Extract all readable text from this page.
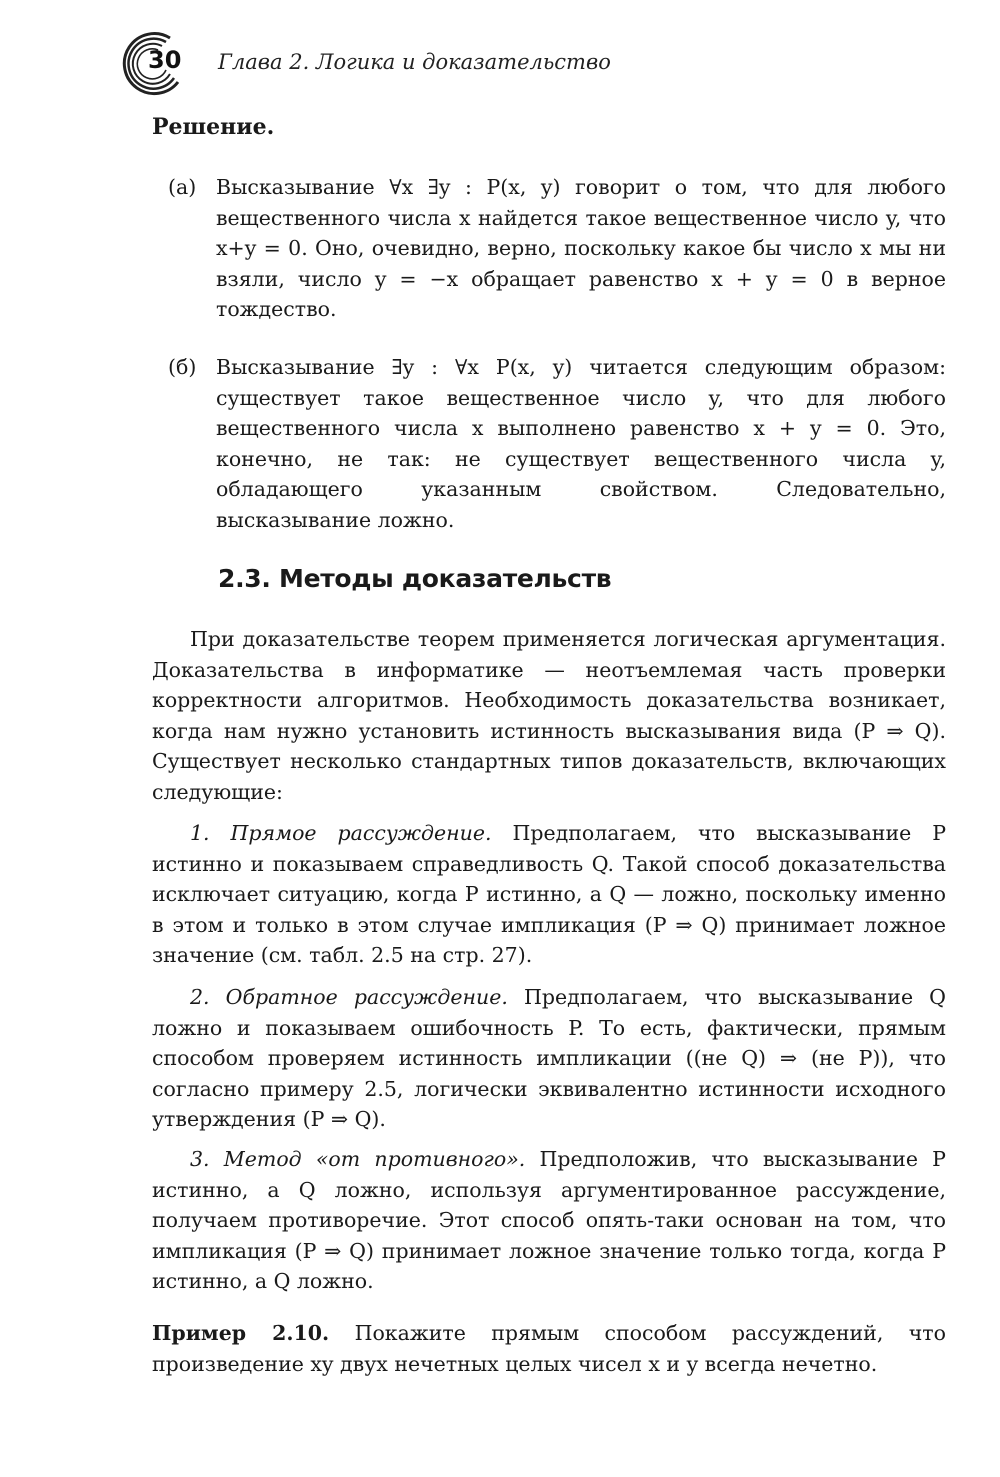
30 Глава 2. Логика и доказательство
Решение.
(а) Высказывание ∀x ∃y : P(x, y) говорит о том, что для любого вещественного числа x найдется такое вещественное число y, что x+y = 0. Оно, очевидно, верно, поскольку какое бы число x мы ни взяли, число y = −x обращает равенство x + y = 0 в верное тождество.
(б) Высказывание ∃y : ∀x P(x, y) читается следующим образом: существует такое вещественное число y, что для любого вещественного числа x выполнено равенство x + y = 0. Это, конечно, не так: не существует вещественного числа y, обладающего указанным свойством. Следовательно, высказывание ложно.
2.3. Методы доказательств
При доказательстве теорем применяется логическая аргументация. Доказательства в информатике — неотъемлемая часть проверки корректности алгоритмов. Необходимость доказательства возникает, когда нам нужно установить истинность высказывания вида (P ⇒ Q). Существует несколько стандартных типов доказательств, включающих следующие:
1. Прямое рассуждение. Предполагаем, что высказывание P истинно и показываем справедливость Q. Такой способ доказательства исключает ситуацию, когда P истинно, а Q — ложно, поскольку именно в этом и только в этом случае импликация (P ⇒ Q) принимает ложное значение (см. табл. 2.5 на стр. 27).
2. Обратное рассуждение. Предполагаем, что высказывание Q ложно и показываем ошибочность P. То есть, фактически, прямым способом проверяем истинность импликации ((не Q) ⇒ (не P)), что согласно примеру 2.5, логически эквивалентно истинности исходного утверждения (P ⇒ Q).
3. Метод «от противного». Предположив, что высказывание P истинно, а Q ложно, используя аргументированное рассуждение, получаем противоречие. Этот способ опять-таки основан на том, что импликация (P ⇒ Q) принимает ложное значение только тогда, когда P истинно, а Q ложно.
Пример 2.10. Покажите прямым способом рассуждений, что произведение xy двух нечетных целых чисел x и y всегда нечетно.
